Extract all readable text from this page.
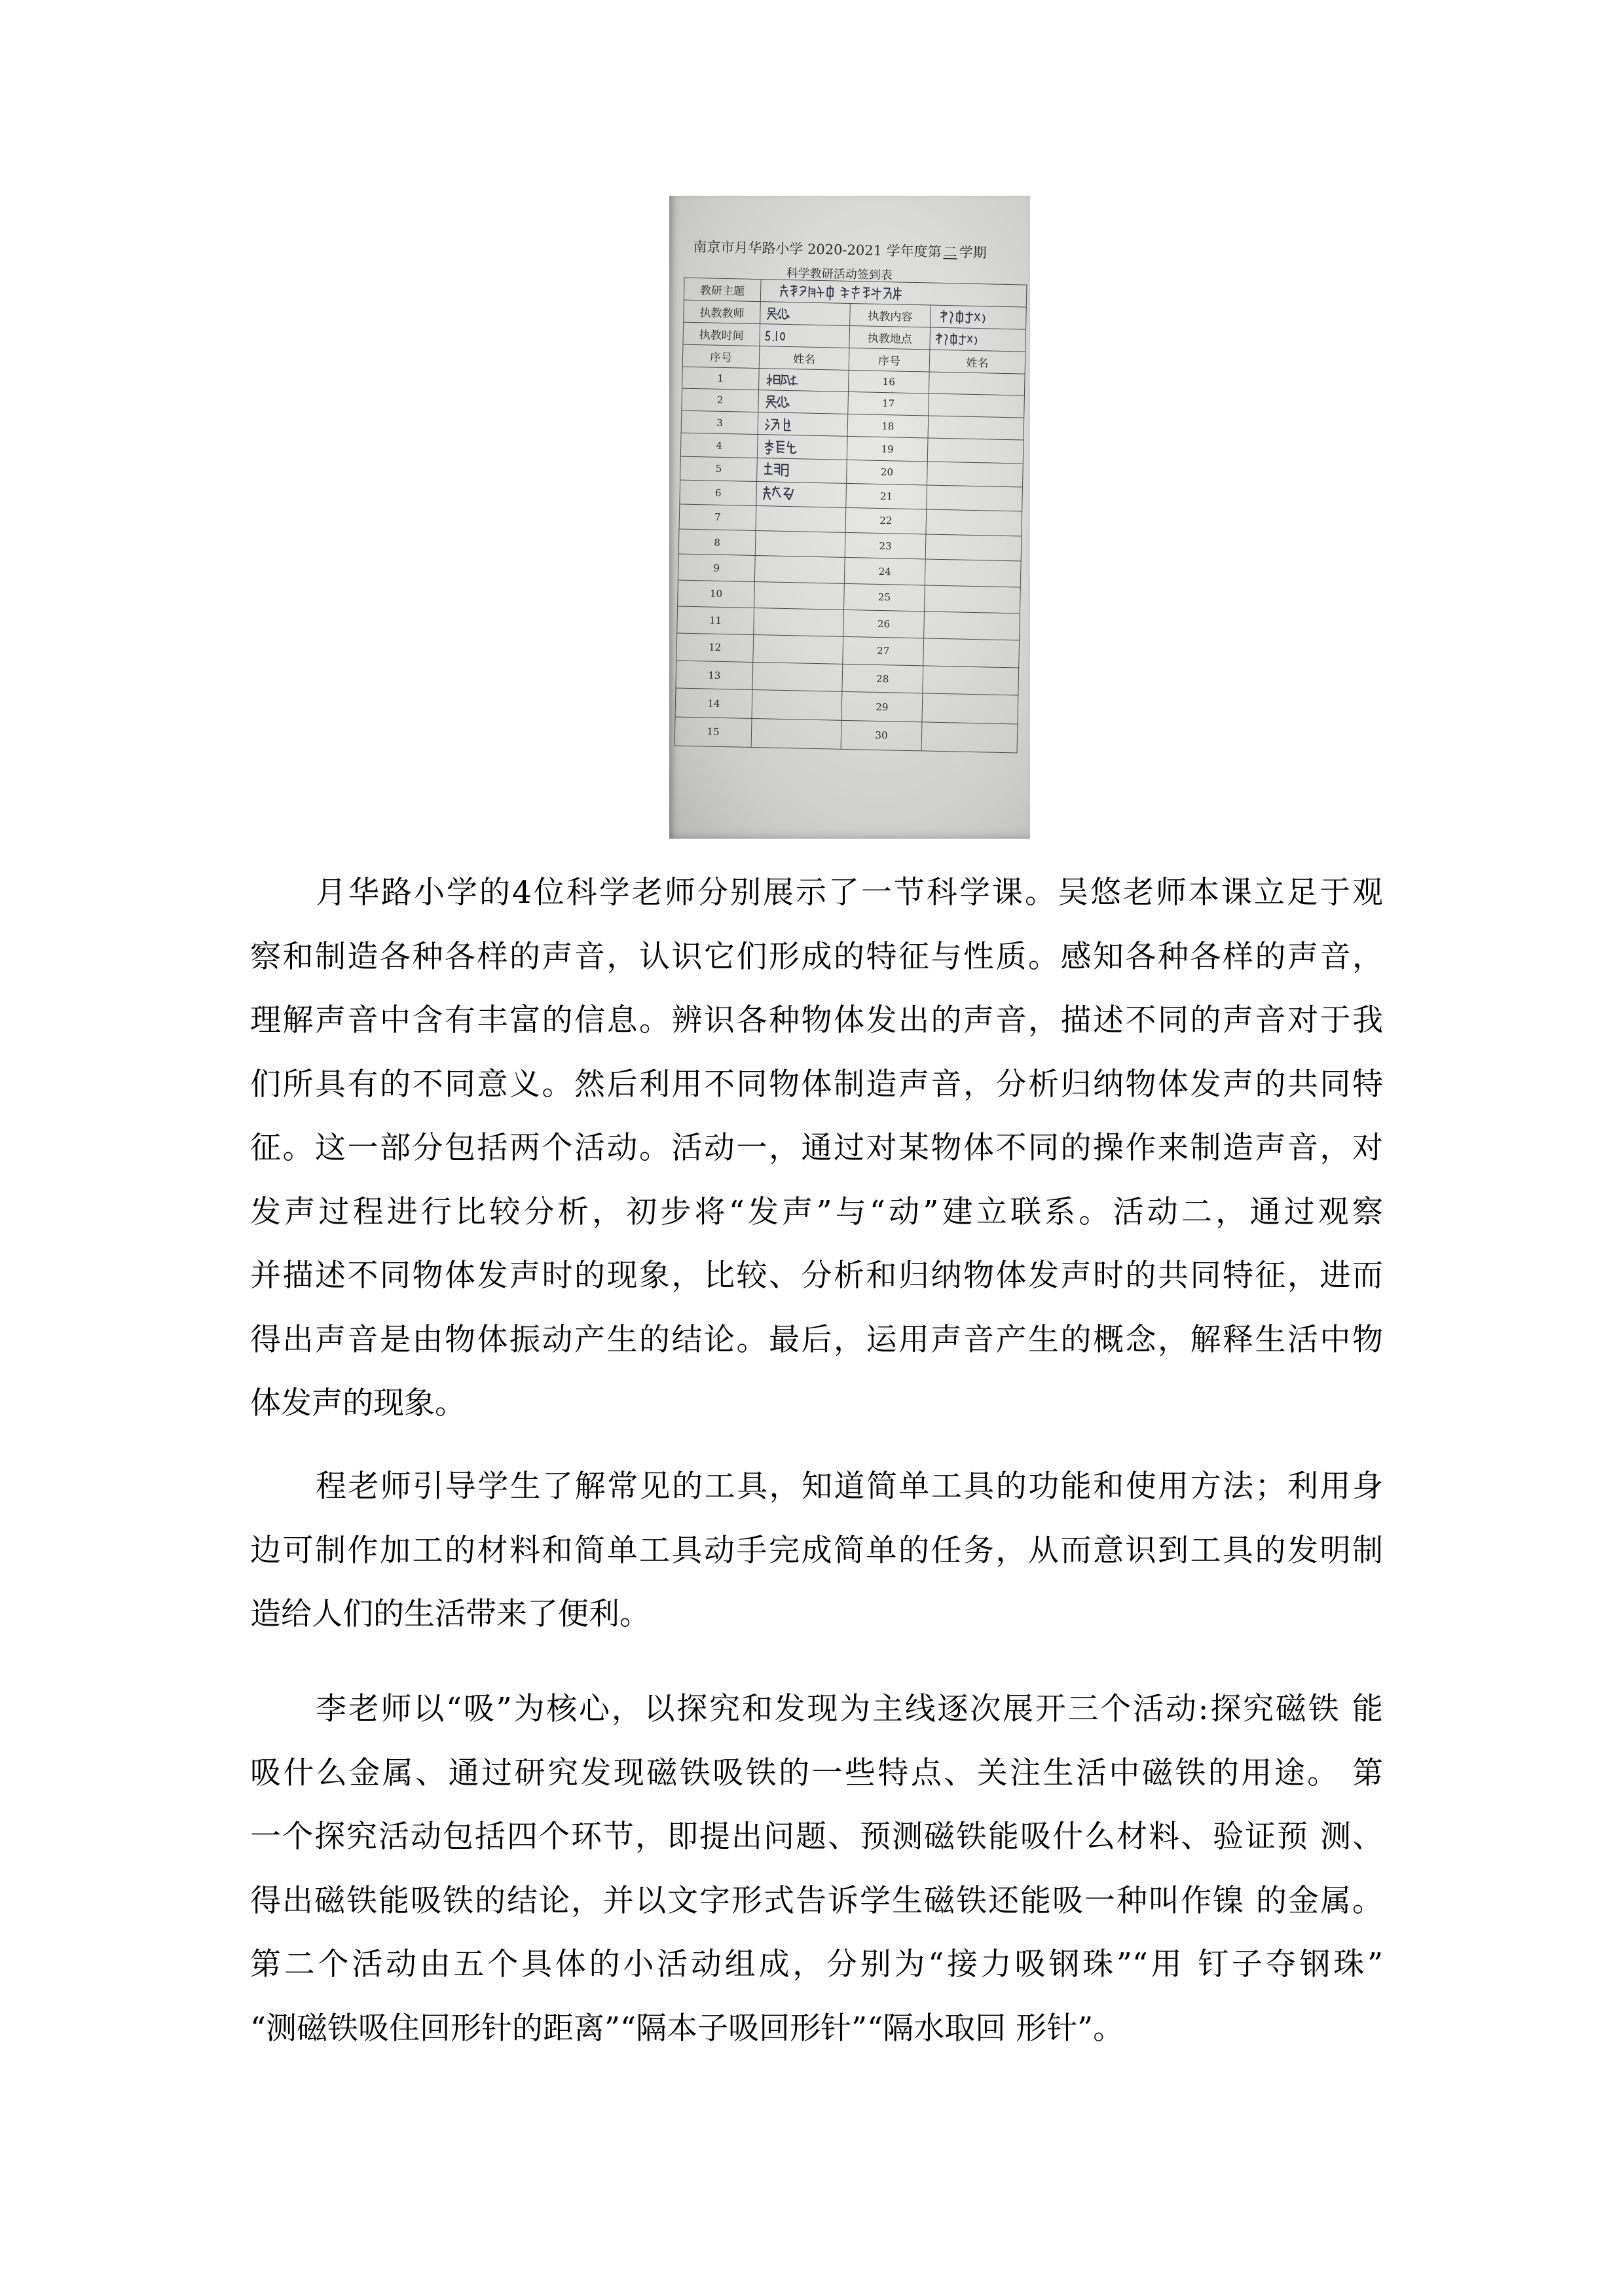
南京市月华路小学 2020-2021 学年度第 二 学期
科学教研活动签到表
教研主题	

执教教师		执教内容	

执教时间		执教地点	

序号	姓名	序号	姓名
1		16	
2		17	
3		18	
4		19	
5		20	
6		21	
7		22	
8		23	
9		24	
10		25	
11		26	
12		27	
13		28	
14		29	
15		30	
月华路小学的4位科学老师分别展示了一节科学课。吴悠老师本课立足于观
察和制造各种各样的声音，认识它们形成的特征与性质。感知各种各样的声音，
理解声音中含有丰富的信息。辨识各种物体发出的声音，描述不同的声音对于我
们所具有的不同意义。然后利用不同物体制造声音，分析归纳物体发声的共同特
征。这一部分包括两个活动。活动一，通过对某物体不同的操作来制造声音，对
发声过程进行比较分析，初步将“发声”与“动”建立联系。活动二，通过观察
并描述不同物体发声时的现象，比较、分析和归纳物体发声时的共同特征，进而
得出声音是由物体振动产生的结论。最后，运用声音产生的概念，解释生活中物
体发声的现象。
程老师引导学生了解常见的工具，知道简单工具的功能和使用方法；利用身
边可制作加工的材料和简单工具动手完成简单的任务，从而意识到工具的发明制
造给人们的生活带来了便利。
李老师以“吸”为核心，以探究和发现为主线逐次展开三个活动:探究磁铁 能
吸什么金属、通过研究发现磁铁吸铁的一些特点、关注生活中磁铁的用途。 第
一个探究活动包括四个环节，即提出问题、预测磁铁能吸什么材料、验证预 测、
得出磁铁能吸铁的结论，并以文字形式告诉学生磁铁还能吸一种叫作镍 的金属。
第二个活动由五个具体的小活动组成，分别为“接力吸钢珠”“用 钉子夺钢珠”
“测磁铁吸住回形针的距离”“隔本子吸回形针”“隔水取回 形针”。
